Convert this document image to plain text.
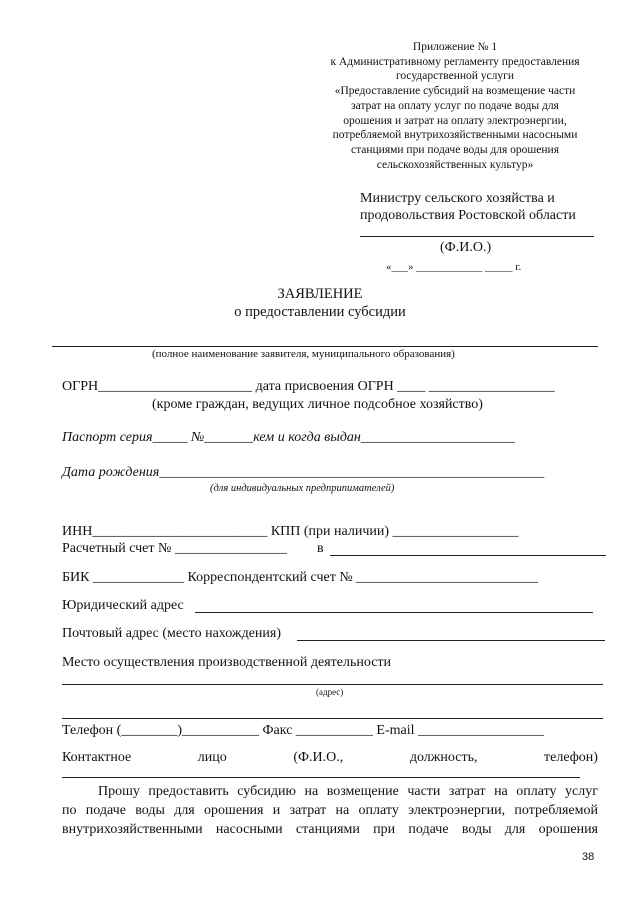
Приложение № 1
к Административному регламенту предоставления
государственной услуги
«Предоставление субсидий на возмещение части
затрат на оплату услуг по подаче воды для
орошения и затрат на оплату электроэнергии,
потребляемой внутрихозяйственными насосными
станциями при подаче воды для орошения
сельскохозяйственных культур»
Министру сельского хозяйства и
продовольствия Ростовской области
(Ф.И.О.)
«___» ____________ _____ г.
ЗАЯВЛЕНИЕ
о предоставлении субсидии
(полное наименование заявителя, муниципального образования)
ОГРН______________________ дата присвоения ОГРН ____ __________________
(кроме граждан, ведущих личное подсобное хозяйство)
Паспорт серия_____ №_______кем и когда выдан______________________
Дата рождения_______________________________________________________
(для индивидуальных предприпимателей)
ИНН_________________________ КПП (при наличии) __________________
Расчетный счет № ________________ в
БИК _____________ Корреспондентский счет № __________________________
Юридический адрес
Почтовый адрес (место нахождения)
Место осуществления производственной деятельности
(адрес)
Телефон (________)___________ Факс ___________ E-mail __________________
Контактное	лицо	(Ф.И.О.,	должность,	телефон)

Прошу предоставить субсидию на возмещение части затрат на оплату услуг

по подаче воды для орошения и затрат на оплату электроэнергии, потребляемой

внутрихозяйственными насосными станциями при подаче воды для орошения

38
